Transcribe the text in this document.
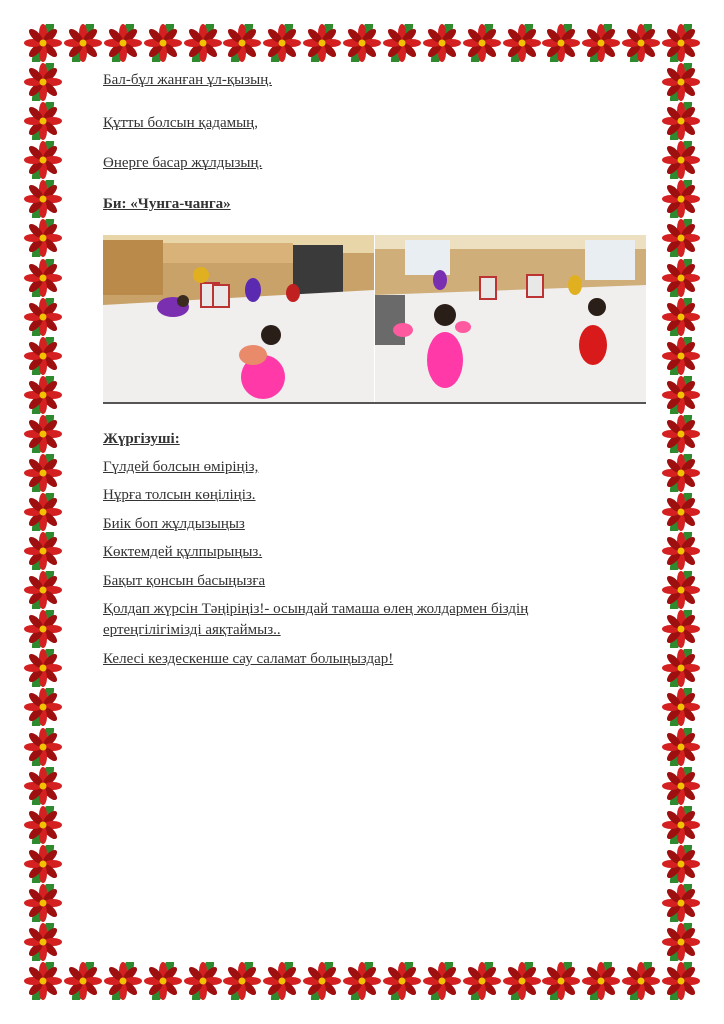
Бал-бұл жанған ұл-қызың.

Құтты болсын қадамың,

Өнерге басар жұлдызың.

Би: «Чунга-чанга»

Жүргізуші:

Гүлдей болсын өміріңіз,

Нұрға толсын көңіліңіз.

Биік боп жұлдызыңыз

Көктемдей құлпырыңыз.

Бақыт қонсын басыңызға

Қолдап жүрсін Тәңіріңіз!- осындай тамаша өлең жолдармен біздің

ертеңгілігімізді аяқтаймыз..

Келесі кездескенше сау саламат болыңыздар!
